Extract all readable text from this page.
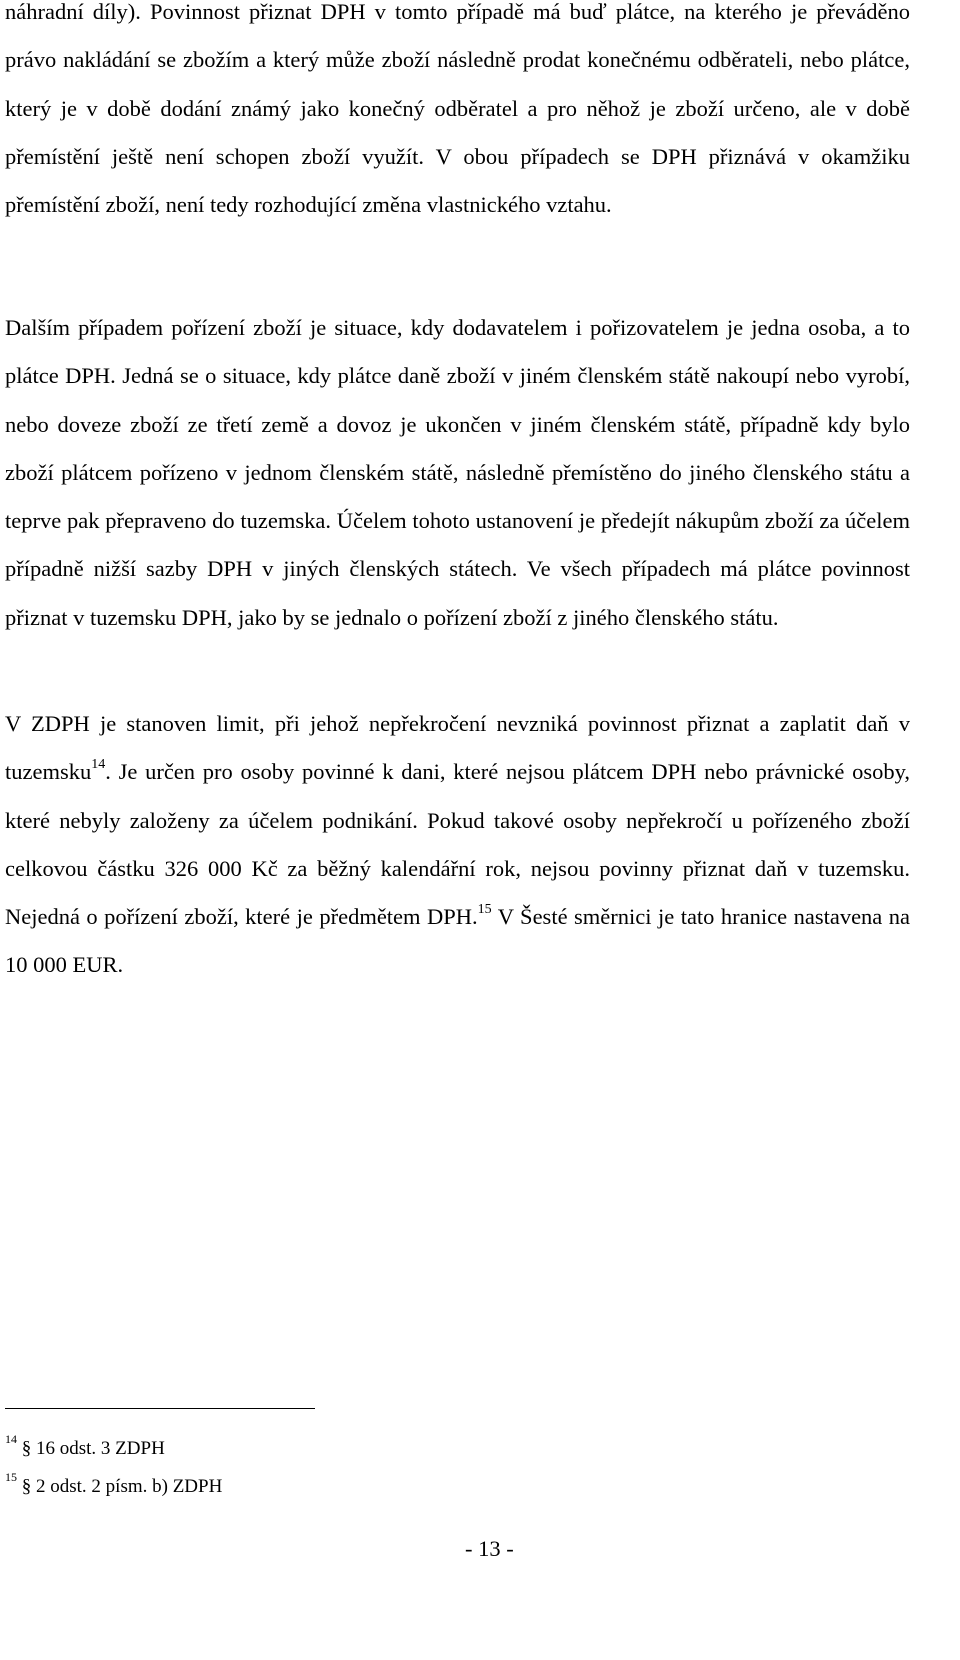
náhradní díly). Povinnost přiznat DPH v tomto případě má buď plátce, na kterého je převáděno právo nakládání se zbožím a který může zboží následně prodat konečnému odběrateli, nebo plátce, který je v době dodání známý jako konečný odběratel a pro něhož je zboží určeno, ale v době přemístění ještě není schopen zboží využít. V obou případech se DPH přiznává v okamžiku přemístění zboží, není tedy rozhodující změna vlastnického vztahu.

Dalším případem pořízení zboží je situace, kdy dodavatelem i pořizovatelem je jedna osoba, a to plátce DPH. Jedná se o situace, kdy plátce daně zboží v jiném členském státě nakoupí nebo vyrobí, nebo doveze zboží ze třetí země a dovoz je ukončen v jiném členském státě, případně kdy bylo zboží plátcem pořízeno v jednom členském státě, následně přemístěno do jiného členského státu a teprve pak přepraveno do tuzemska. Účelem tohoto ustanovení je předejít nákupům zboží za účelem případně nižší sazby DPH v jiných členských státech. Ve všech případech má plátce povinnost přiznat v tuzemsku DPH, jako by se jednalo o pořízení zboží z jiného členského státu.

V ZDPH je stanoven limit, při jehož nepřekročení nevzniká povinnost přiznat a zaplatit daň v tuzemsku$^{14}$. Je určen pro osoby povinné k dani, které nejsou plátcem DPH nebo právnické osoby, které nebyly založeny za účelem podnikání. Pokud takové osoby nepřekročí u pořízeného zboží celkovou částku 326 000 Kč za běžný kalendářní rok, nejsou povinny přiznat daň v tuzemsku. Nejedná o pořízení zboží, které je předmětem DPH.$^{15}$ V Šesté směrnici je tato hranice nastavena na 10 000 EUR.

$^{14}$ § 16 odst. 3 ZDPH
$^{15}$ § 2 odst. 2 písm. b) ZDPH
- 13 -
